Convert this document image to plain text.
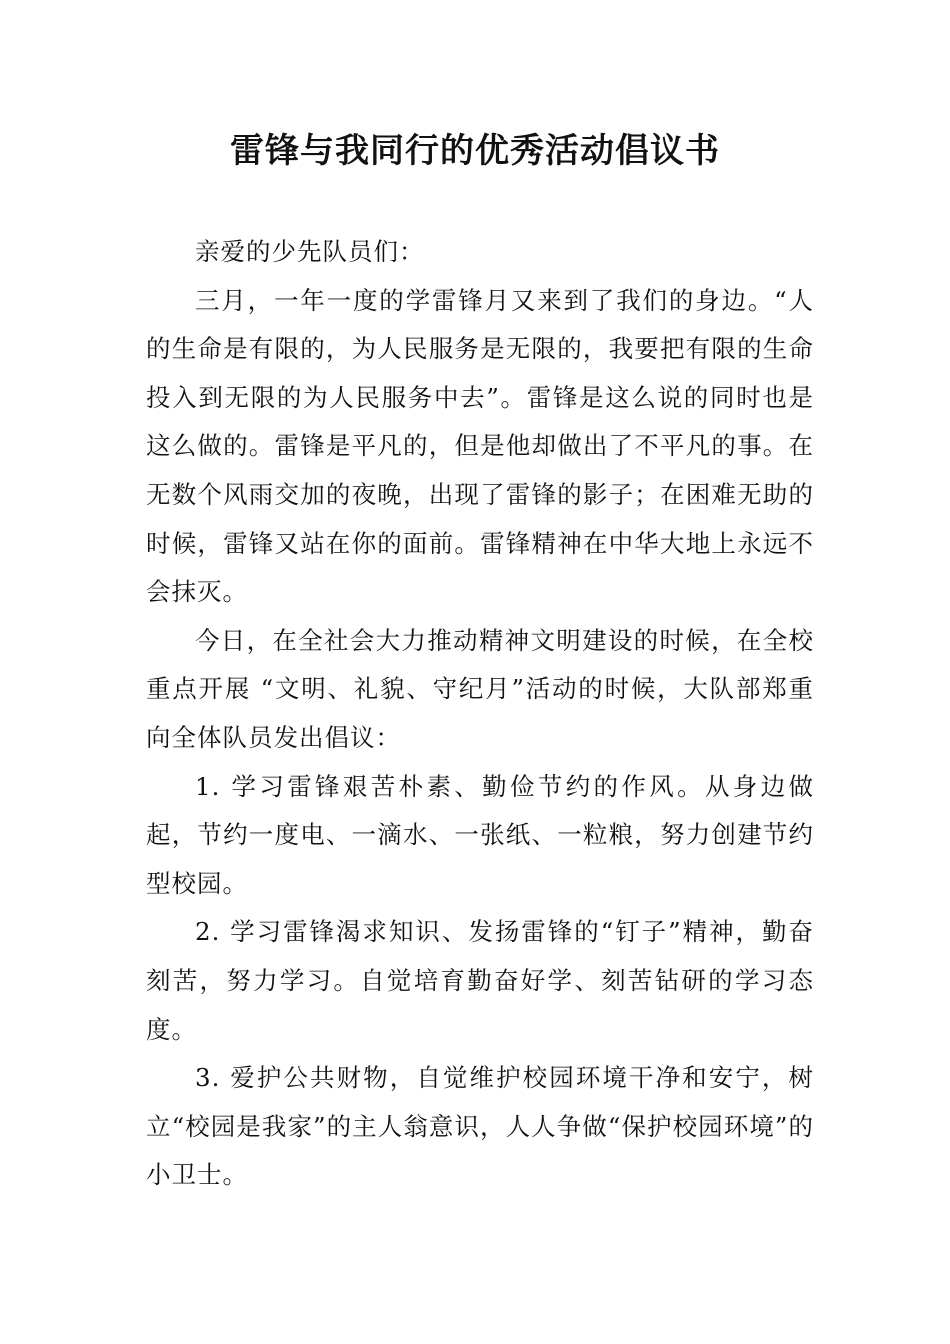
雷锋与我同行的优秀活动倡议书

亲爱的少先队员们：

三月，一年一度的学雷锋月又来到了我们的身边。“人的生命是有限的，为人民服务是无限的，我要把有限的生命投入到无限的为人民服务中去”。雷锋是这么说的同时也是这么做的。雷锋是平凡的，但是他却做出了不平凡的事。在无数个风雨交加的夜晚，出现了雷锋的影子；在困难无助的时候，雷锋又站在你的面前。雷锋精神在中华大地上永远不会抹灭。

今日，在全社会大力推动精神文明建设的时候，在全校重点开展 “文明、礼貌、守纪月”活动的时候，大队部郑重向全体队员发出倡议：

1. 学习雷锋艰苦朴素、勤俭节约的作风。从身边做起，节约一度电、一滴水、一张纸、一粒粮，努力创建节约型校园。

2. 学习雷锋渴求知识、发扬雷锋的“钉子”精神，勤奋刻苦，努力学习。自觉培育勤奋好学、刻苦钻研的学习态度。

3. 爱护公共财物，自觉维护校园环境干净和安宁，树立“校园是我家”的主人翁意识，人人争做“保护校园环境”的小卫士。
